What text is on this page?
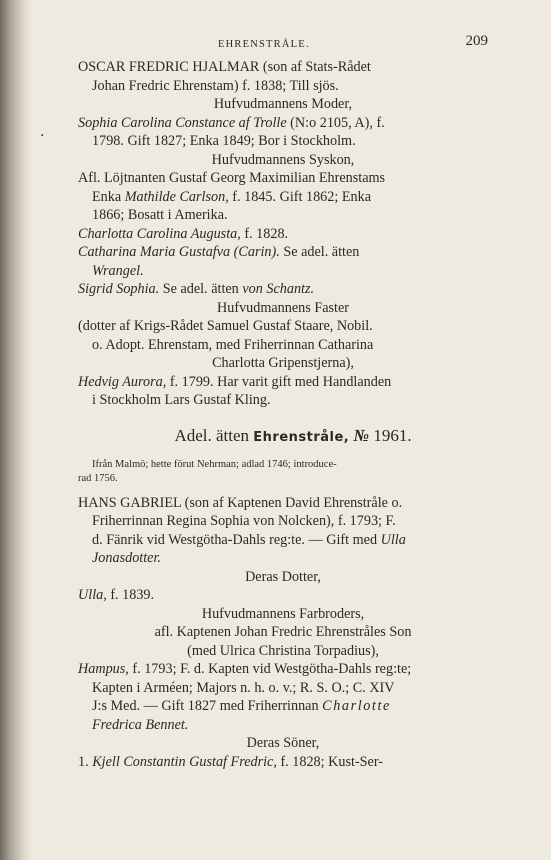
·
EHRENSTRÅLE.	209
OSCAR FREDRIC HJALMAR (son af Stats-Rådet
Johan Fredric Ehrenstam) f. 1838; Till sjös.
Hufvudmannens Moder,
Sophia Carolina Constance af Trolle (N:o 2105, A), f.
1798. Gift 1827; Enka 1849; Bor i Stockholm.
Hufvudmannens Syskon,
Afl. Löjtnanten Gustaf Georg Maximilian Ehrenstams
Enka Mathilde Carlson, f. 1845. Gift 1862; Enka
1866; Bosatt i Amerika.
Charlotta Carolina Augusta, f. 1828.
Catharina Maria Gustafva (Carin). Se adel. ätten
Wrangel.
Sigrid Sophia. Se adel. ätten von Schantz.
Hufvudmannens Faster
(dotter af Krigs-Rådet Samuel Gustaf Staare, Nobil.
o. Adopt. Ehrenstam, med Friherrinnan Catharina
Charlotta Gripenstjerna),
Hedvig Aurora, f. 1799. Har varit gift med Handlanden
i Stockholm Lars Gustaf Kling.
Adel. ätten Ehrenstråle, № 1961.
Ifrån Malmö; hette förut Nehrman; adlad 1746; introduce-
rad 1756.
HANS GABRIEL (son af Kaptenen David Ehrenstråle o.
Friherrinnan Regina Sophia von Nolcken), f. 1793; F.
d. Fänrik vid Westgötha-Dahls reg:te. — Gift med Ulla
Jonasdotter.
Deras Dotter,
Ulla, f. 1839.
Hufvudmannens Farbroders,
afl. Kaptenen Johan Fredric Ehrenstråles Son
(med Ulrica Christina Torpadius),
Hampus, f. 1793; F. d. Kapten vid Westgötha-Dahls reg:te;
Kapten i Arméen; Majors n. h. o. v.; R. S. O.; C. XIV
J:s Med. — Gift 1827 med Friherrinnan Charlotte
Fredrica Bennet.
Deras Söner,
1. Kjell Constantin Gustaf Fredric, f. 1828; Kust-Ser-
